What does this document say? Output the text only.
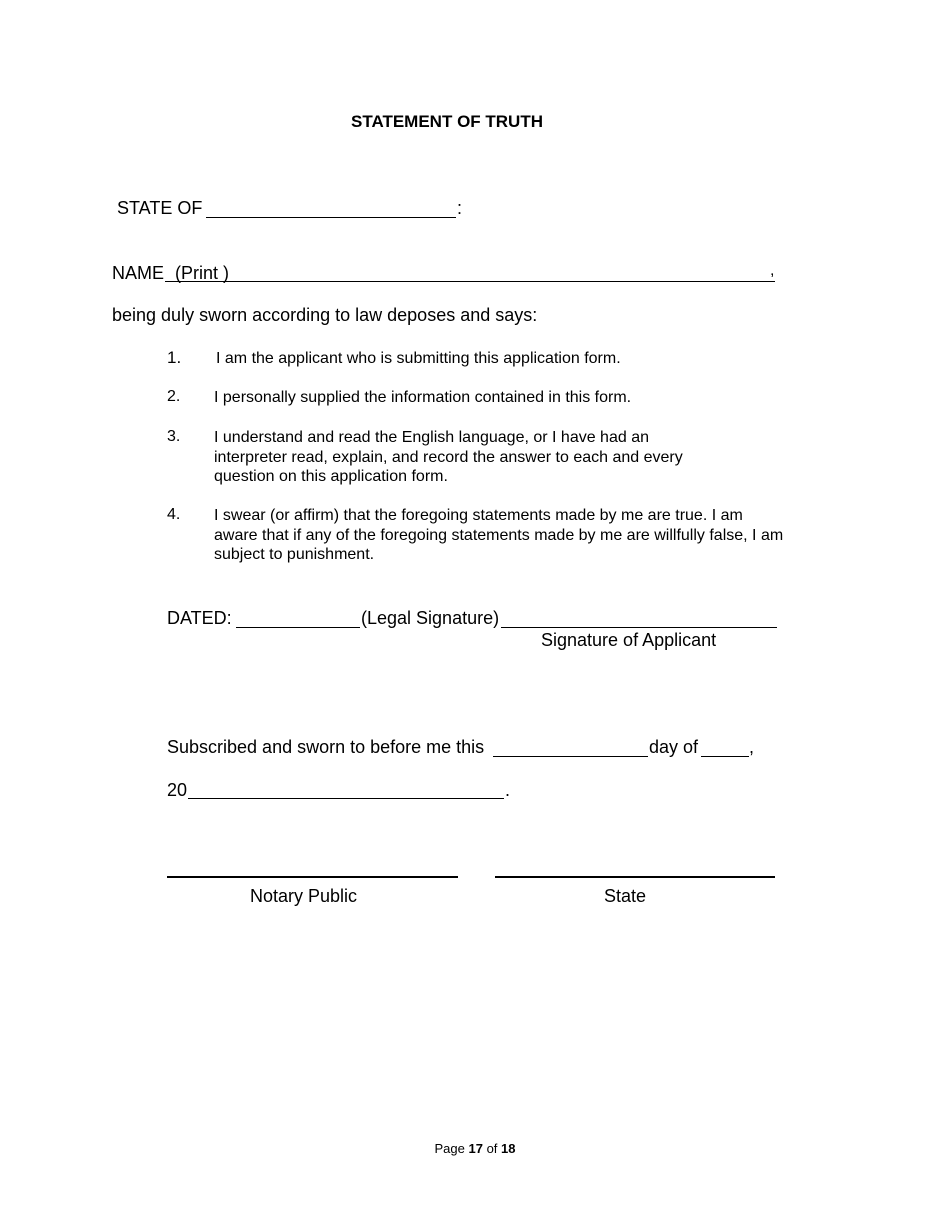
STATEMENT OF TRUTH
STATE OF	:
NAME (Print )	,
being duly sworn according to law deposes and says:
1. I am the applicant who is submitting this application form.
2. I personally supplied the information contained in this form.
3. I understand and read the English language, or I have had an interpreter read, explain, and record the answer to each and every question on this application form.
4. I swear (or affirm) that the foregoing statements made by me are true. I am aware that if any of the foregoing statements made by me are willfully false, I am subject to punishment.
DATED:	(Legal Signature)
Signature of Applicant
Subscribed and sworn to before me this	day of	,
20	.
Notary Public	State
Page 17 of 18
